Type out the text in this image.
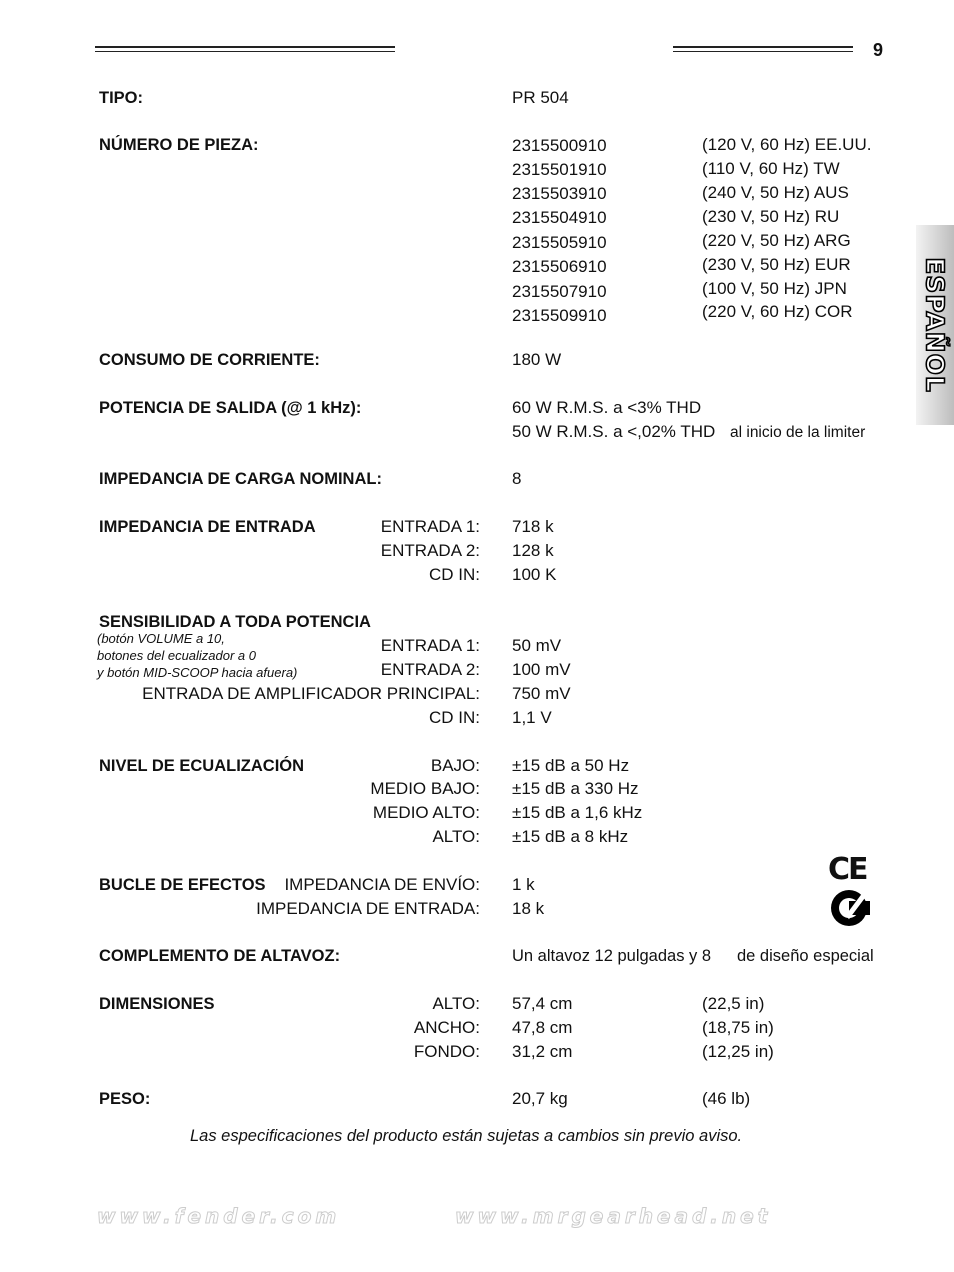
9
ESPAÑOL
TIPO:	PR 504
NÚMERO DE PIEZA:	2315500910	(120 V, 60 Hz) EE.UU.
2315501910	(110 V, 60 Hz) TW
2315503910	(240 V, 50 Hz) AUS
2315504910	(230 V, 50 Hz) RU
2315505910	(220 V, 50 Hz) ARG
2315506910	(230 V, 50 Hz) EUR
2315507910	(100 V, 50 Hz) JPN
2315509910	(220 V, 60 Hz) COR
CONSUMO DE CORRIENTE:	180 W
POTENCIA DE SALIDA (@ 1 kHz):	60 W R.M.S. a <3% THD
50 W R.M.S. a <,02% THD al inicio de la limiter
IMPEDANCIA DE CARGA NOMINAL:	8
IMPEDANCIA DE ENTRADA	ENTRADA 1: 718 k
ENTRADA 2: 128 k
CD IN: 100 K
SENSIBILIDAD A TODA POTENCIA
(botón VOLUME a 10,
botones del ecualizador a 0
y botón MID-SCOOP hacia afuera)
ENTRADA 1: 50 mV
ENTRADA 2: 100 mV
ENTRADA DE AMPLIFICADOR PRINCIPAL: 750 mV
CD IN: 1,1 V
NIVEL DE ECUALIZACIÓN	BAJO: ±15 dB a 50 Hz
MEDIO BAJO: ±15 dB a 330 Hz
MEDIO ALTO: ±15 dB a 1,6 kHz
ALTO: ±15 dB a 8 kHz
BUCLE DE EFECTOS IMPEDANCIA DE ENVÍO: 1 k
IMPEDANCIA DE ENTRADA: 18 k
CE
COMPLEMENTO DE ALTAVOZ:	Un altavoz 12 pulgadas y 8 de diseño especial
DIMENSIONES	ALTO: 57,4 cm	(22,5 in)
ANCHO: 47,8 cm	(18,75 in)
FONDO: 31,2 cm	(12,25 in)
PESO:	20,7 kg	(46 lb)
Las especificaciones del producto están sujetas a cambios sin previo aviso.
www.fender.com	www.mrgearhead.net
